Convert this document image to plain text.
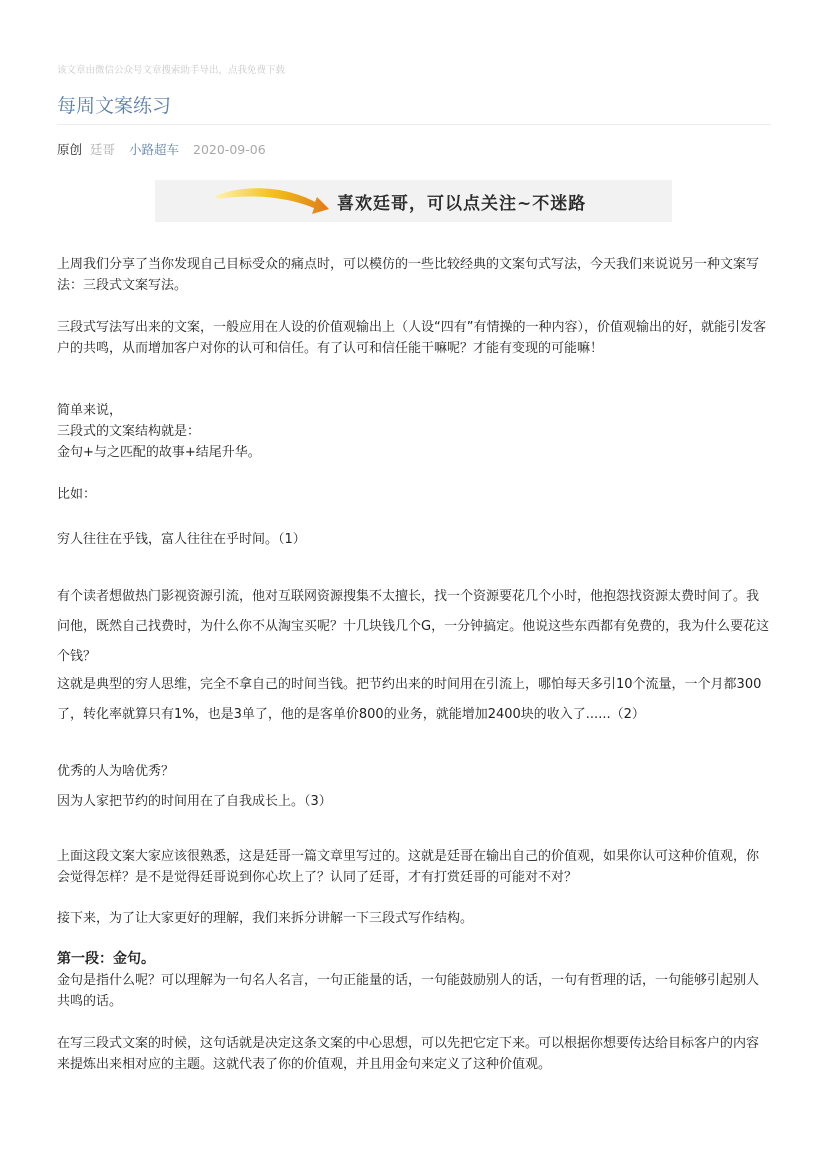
该文章由微信公众号文章搜索助手导出，点我免费下载
每周文案练习
原创 廷哥 小路超车 2020-09-06
喜欢廷哥，可以点关注~不迷路

上周我们分享了当你发现自己目标受众的痛点时，可以模仿的一些比较经典的文案句式写法，今天我们来说说另一种文案写法：三段式文案写法。

三段式写法写出来的文案，一般应用在人设的价值观输出上（人设“四有”有情操的一种内容），价值观输出的好，就能引发客户的共鸣，从而增加客户对你的认可和信任。有了认可和信任能干嘛呢？才能有变现的可能嘛！

简单来说，

三段式的文案结构就是：

金句+与之匹配的故事+结尾升华。

比如：

穷人往往在乎钱，富人往往在乎时间。（1）

有个读者想做热门影视资源引流，他对互联网资源搜集不太擅长，找一个资源要花几个小时，他抱怨找资源太费时间了。我问他，既然自己找费时，为什么你不从淘宝买呢？十几块钱几个G，一分钟搞定。他说这些东西都有免费的，我为什么要花这个钱？

这就是典型的穷人思维，完全不拿自己的时间当钱。把节约出来的时间用在引流上，哪怕每天多引10个流量，一个月都300了，转化率就算只有1%，也是3单了，他的是客单价800的业务，就能增加2400块的收入了......（2）

优秀的人为啥优秀？

因为人家把节约的时间用在了自我成长上。（3）

上面这段文案大家应该很熟悉，这是廷哥一篇文章里写过的。这就是廷哥在输出自己的价值观，如果你认可这种价值观，你会觉得怎样？是不是觉得廷哥说到你心坎上了？认同了廷哥，才有打赏廷哥的可能对不对？

接下来，为了让大家更好的理解，我们来拆分讲解一下三段式写作结构。

第一段：金句。

金句是指什么呢？可以理解为一句名人名言，一句正能量的话，一句能鼓励别人的话，一句有哲理的话，一句能够引起别人共鸣的话。

在写三段式文案的时候，这句话就是决定这条文案的中心思想，可以先把它定下来。可以根据你想要传达给目标客户的内容来提炼出来相对应的主题。这就代表了你的价值观，并且用金句来定义了这种价值观。
